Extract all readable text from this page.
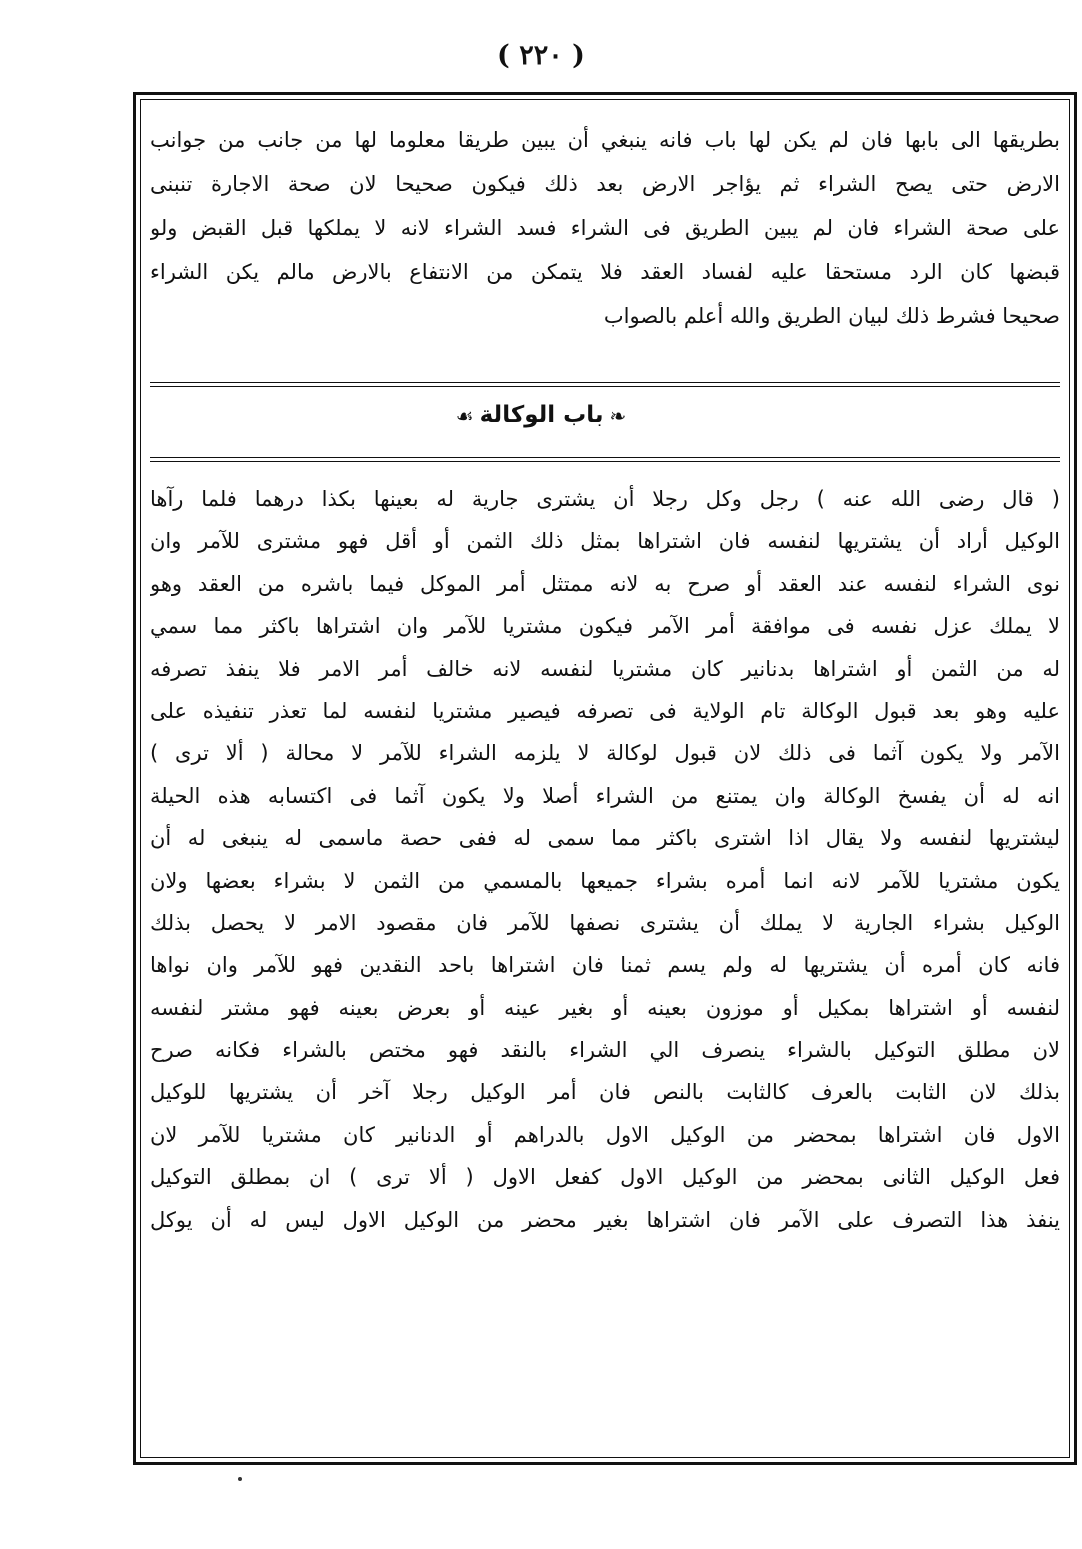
( ٢٢٠ )
بطريقها الى بابها فان لم يكن لها باب فانه ينبغي أن يبين طريقا معلوما لها من جانب من جوانب
الارض حتى يصح الشراء ثم يؤاجر الارض بعد ذلك فيكون صحيحا لان صحة الاجارة تنبنى
على صحة الشراء فان لم يبين الطريق فى الشراء فسد الشراء لانه لا يملكها قبل القبض ولو
قبضها كان الرد مستحقا عليه لفساد العقد فلا يتمكن من الانتفاع بالارض مالم يكن الشراء
صحيحا فشرط ذلك لبيان الطريق والله أعلم بالصواب
❧باب الوكالة☙
( قال رضى الله عنه ) رجل وكل رجلا أن يشترى جارية له بعينها بكذا درهما فلما رآها
الوكيل أراد أن يشتريها لنفسه فان اشتراها بمثل ذلك الثمن أو أقل فهو مشترى للآمر وان
نوى الشراء لنفسه عند العقد أو صرح به لانه ممتثل أمر الموكل فيما باشره من العقد وهو
لا يملك عزل نفسه فى موافقة أمر الآمر فيكون مشتريا للآمر وان اشتراها باكثر مما سمي
له من الثمن أو اشتراها بدنانير كان مشتريا لنفسه لانه خالف أمر الامر فلا ينفذ تصرفه
عليه وهو بعد قبول الوكالة تام الولاية فى تصرفه فيصير مشتريا لنفسه لما تعذر تنفيذه على
الآمر ولا يكون آثما فى ذلك لان قبول لوكالة لا يلزمه الشراء للآمر لا محالة ( ألا ترى )
انه له أن يفسخ الوكالة وان يمتنع من الشراء أصلا ولا يكون آثما فى اكتسابه هذه الحيلة
ليشتريها لنفسه ولا يقال اذا اشترى باكثر مما سمى له ففى حصة ماسمى له ينبغى له أن
يكون مشتريا للآمر لانه انما أمره بشراء جميعها بالمسمي من الثمن لا بشراء بعضها ولان
الوكيل بشراء الجارية لا يملك أن يشترى نصفها للآمر فان مقصود الامر لا يحصل بذلك
فانه كان أمره أن يشتريها له ولم يسم ثمنا فان اشتراها باحد النقدين فهو للآمر وان نواها
لنفسه أو اشتراها بمكيل أو موزون بعينه أو بغير عينه أو بعرض بعينه فهو مشتر لنفسه
لان مطلق التوكيل بالشراء ينصرف الي الشراء بالنقد فهو مختص بالشراء فكانه صرح
بذلك لان الثابت بالعرف كالثابت بالنص فان أمر الوكيل رجلا آخر أن يشتريها للوكيل
الاول فان اشتراها بمحضر من الوكيل الاول بالدراهم أو الدنانير كان مشتريا للآمر لان
فعل الوكيل الثانى بمحضر من الوكيل الاول كفعل الاول ( ألا ترى ) ان بمطلق التوكيل
ينفذ هذا التصرف على الآمر فان اشتراها بغير محضر من الوكيل الاول ليس له أن يوكل
